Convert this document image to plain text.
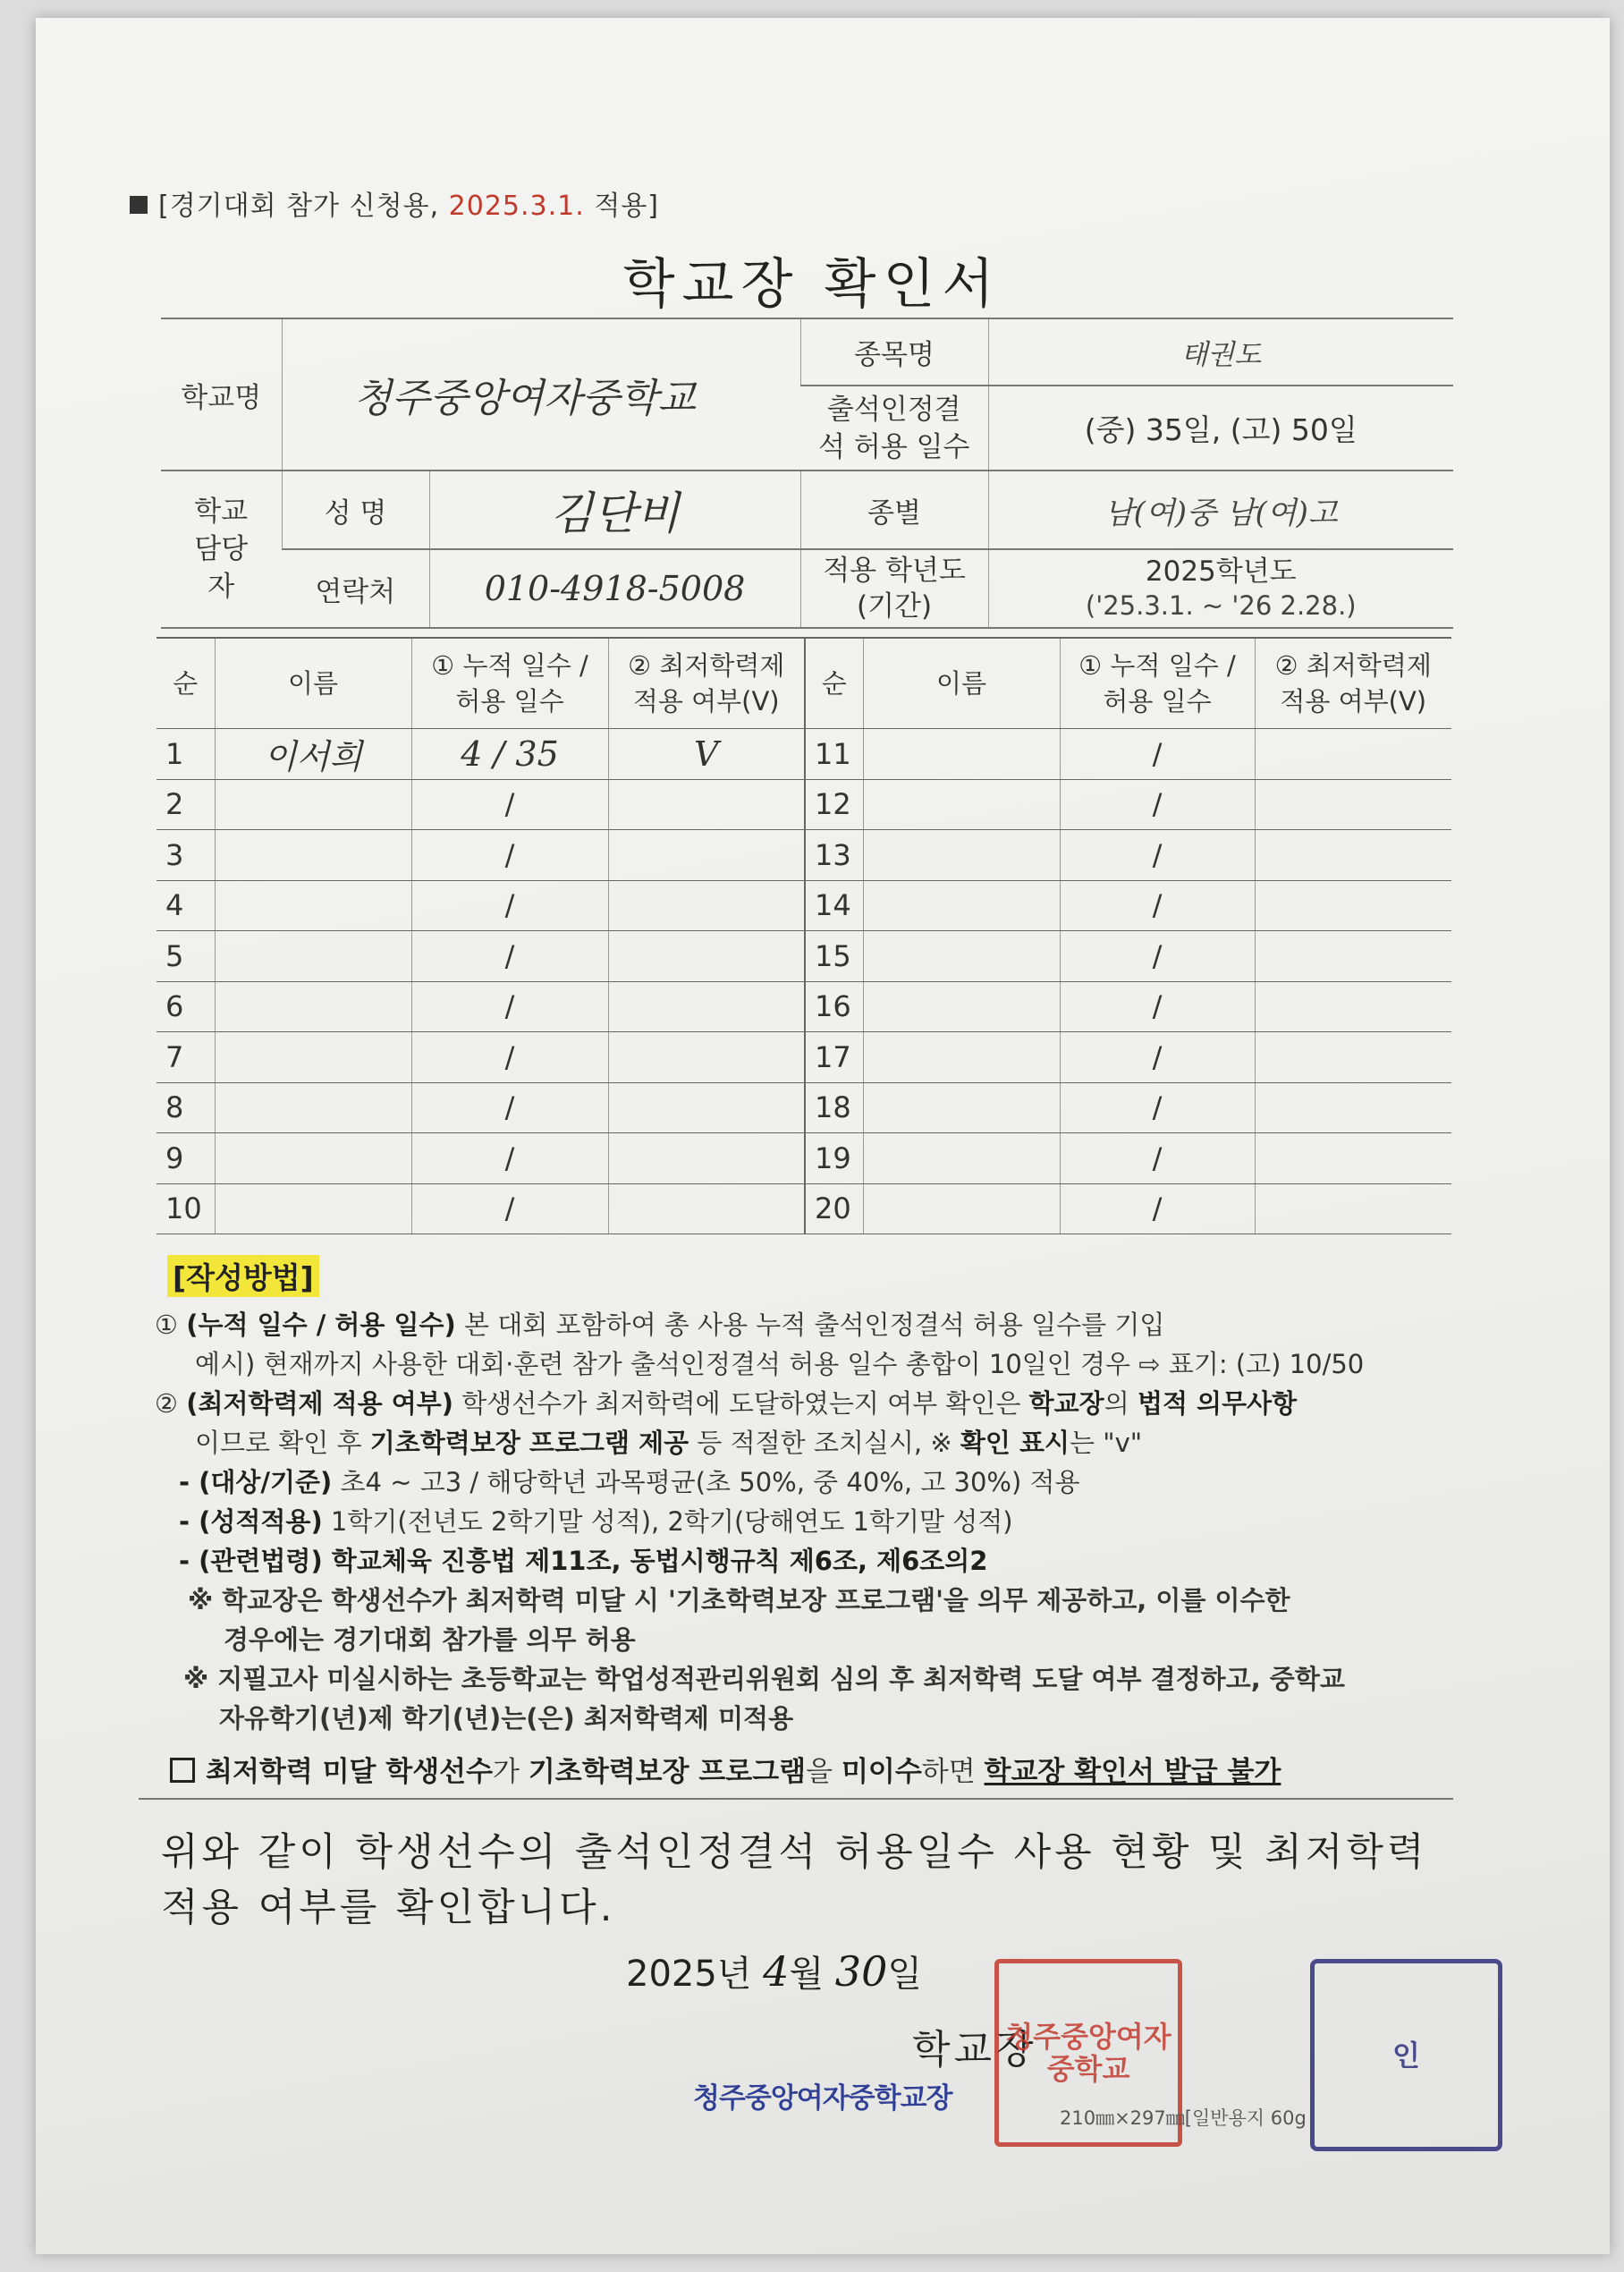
[경기대회 참가 신청용, 2025.3.1. 적용]
학교장 확인서
학교명	청주중앙여자중학교		종목명	태권도
			출석인정결석 허용 일수	(중) 35일, (고) 50일
학교 담당자	성 명	김단비	종별	남(여)중 남(여)고
	연락처	010-4918-5008	적용 학년도 (기간)	2025학년도
('25.3.1. ~ '26 2.28.)
순	이름	① 누적 일수 / 허용 일수	② 최저학력제 적용 여부(V)	순	이름	① 누적 일수 / 허용 일수	② 최저학력제 적용 여부(V)
1	이서희	4 / 35	V	11		/	
2		/		12		/	
3		/		13		/	
4		/		14		/	
5		/		15		/	
6		/		16		/	
7		/		17		/	
8		/		18		/	
9		/		19		/	
10		/		20		/	
[작성방법]
① (누적 일수 / 허용 일수) 본 대회 포함하여 총 사용 누적 출석인정결석 허용 일수를 기입
예시) 현재까지 사용한 대회·훈련 참가 출석인정결석 허용 일수 총합이 10일인 경우 ⇨ 표기: (고) 10/50
② (최저학력제 적용 여부) 학생선수가 최저학력에 도달하였는지 여부 확인은 학교장의 법적 의무사항
이므로 확인 후 기초학력보장 프로그램 제공 등 적절한 조치실시, ※ 확인 표시는 "v"
- (대상/기준) 초4 ~ 고3 / 해당학년 과목평균(초 50%, 중 40%, 고 30%) 적용
- (성적적용) 1학기(전년도 2학기말 성적), 2학기(당해연도 1학기말 성적)
- (관련법령) 학교체육 진흥법 제11조, 동법시행규칙 제6조, 제6조의2
※ 학교장은 학생선수가 최저학력 미달 시 '기초학력보장 프로그램'을 의무 제공하고, 이를 이수한
경우에는 경기대회 참가를 의무 허용
※ 지필고사 미실시하는 초등학교는 학업성적관리위원회 심의 후 최저학력 도달 여부 결정하고, 중학교
자유학기(년)제 학기(년)는(은) 최저학력제 미적용
최저학력 미달 학생선수가 기초학력보장 프로그램을 미이수하면 학교장 확인서 발급 불가
위와 같이 학생선수의 출석인정결석 허용일수 사용 현황 및 최저학력
적용 여부를 확인합니다.
2025년 4월 30일
학교장
청주중앙여자중학교장
청주중앙여자중학교	인
210㎜×297㎜[일반용지 60g
